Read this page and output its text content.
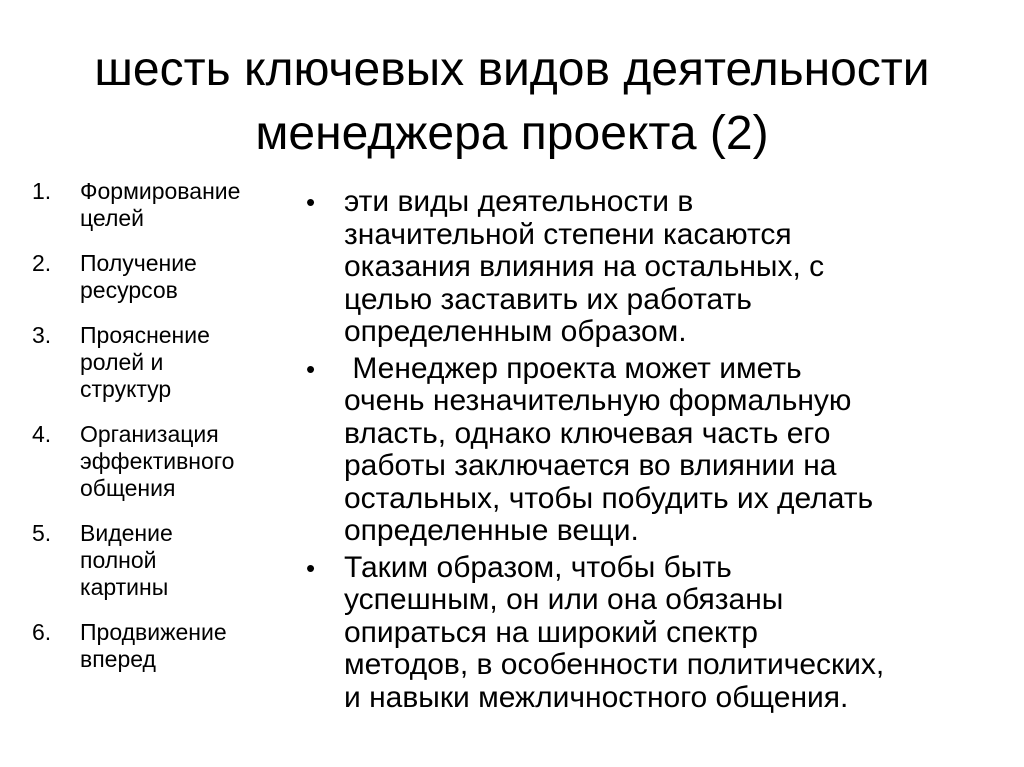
шесть ключевых видов деятельности
менеджера проекта (2)
1.	Формирование
целей
2.	Получение
ресурсов
3.	Прояснение
ролей и
структур
4.	Организация
эффективного
общения
5.	Видение
полной
картины
6.	Продвижение
вперед
• эти виды деятельности в
значительной степени касаются
оказания влияния на остальных, с
целью заставить их работать
определенным образом.
• Менеджер проекта может иметь
очень незначительную формальную
власть, однако ключевая часть его
работы заключается во влиянии на
остальных, чтобы побудить их делать
определенные вещи.
• Таким образом, чтобы быть
успешным, он или она обязаны
опираться на широкий спектр
методов, в особенности политических,
и навыки межличностного общения.
